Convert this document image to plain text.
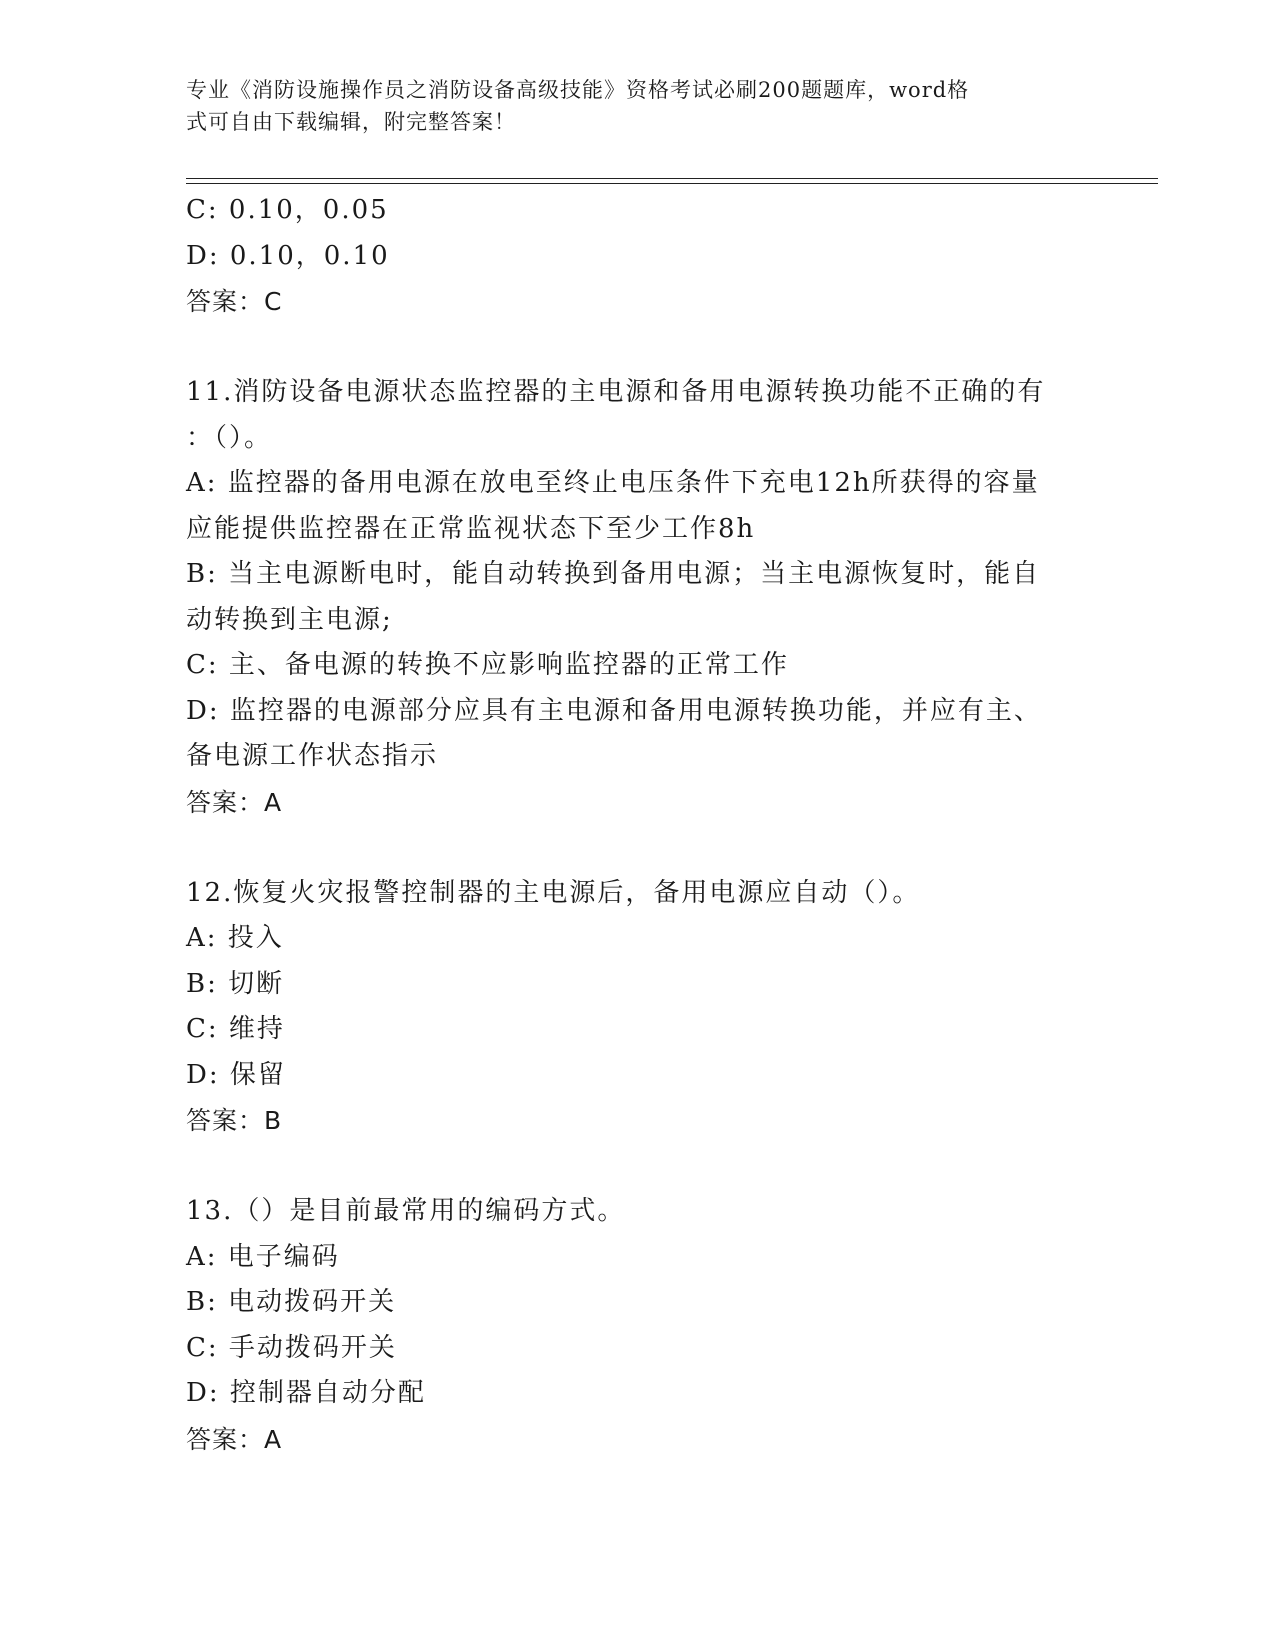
专业《消防设施操作员之消防设备高级技能》资格考试必刷200题题库，word格
式可自由下载编辑，附完整答案！
C: 0.10，0.05
D: 0.10，0.10
答案：C
11.消防设备电源状态监控器的主电源和备用电源转换功能不正确的有
：（）。
A: 监控器的备用电源在放电至终止电压条件下充电12h所获得的容量
应能提供监控器在正常监视状态下至少工作8h
B: 当主电源断电时，能自动转换到备用电源；当主电源恢复时，能自
动转换到主电源;
C: 主、备电源的转换不应影响监控器的正常工作
D: 监控器的电源部分应具有主电源和备用电源转换功能，并应有主、
备电源工作状态指示
答案：A
12.恢复火灾报警控制器的主电源后，备用电源应自动（）。
A: 投入
B: 切断
C: 维持
D: 保留
答案：B
13.（）是目前最常用的编码方式。
A: 电子编码
B: 电动拨码开关
C: 手动拨码开关
D: 控制器自动分配
答案：A
